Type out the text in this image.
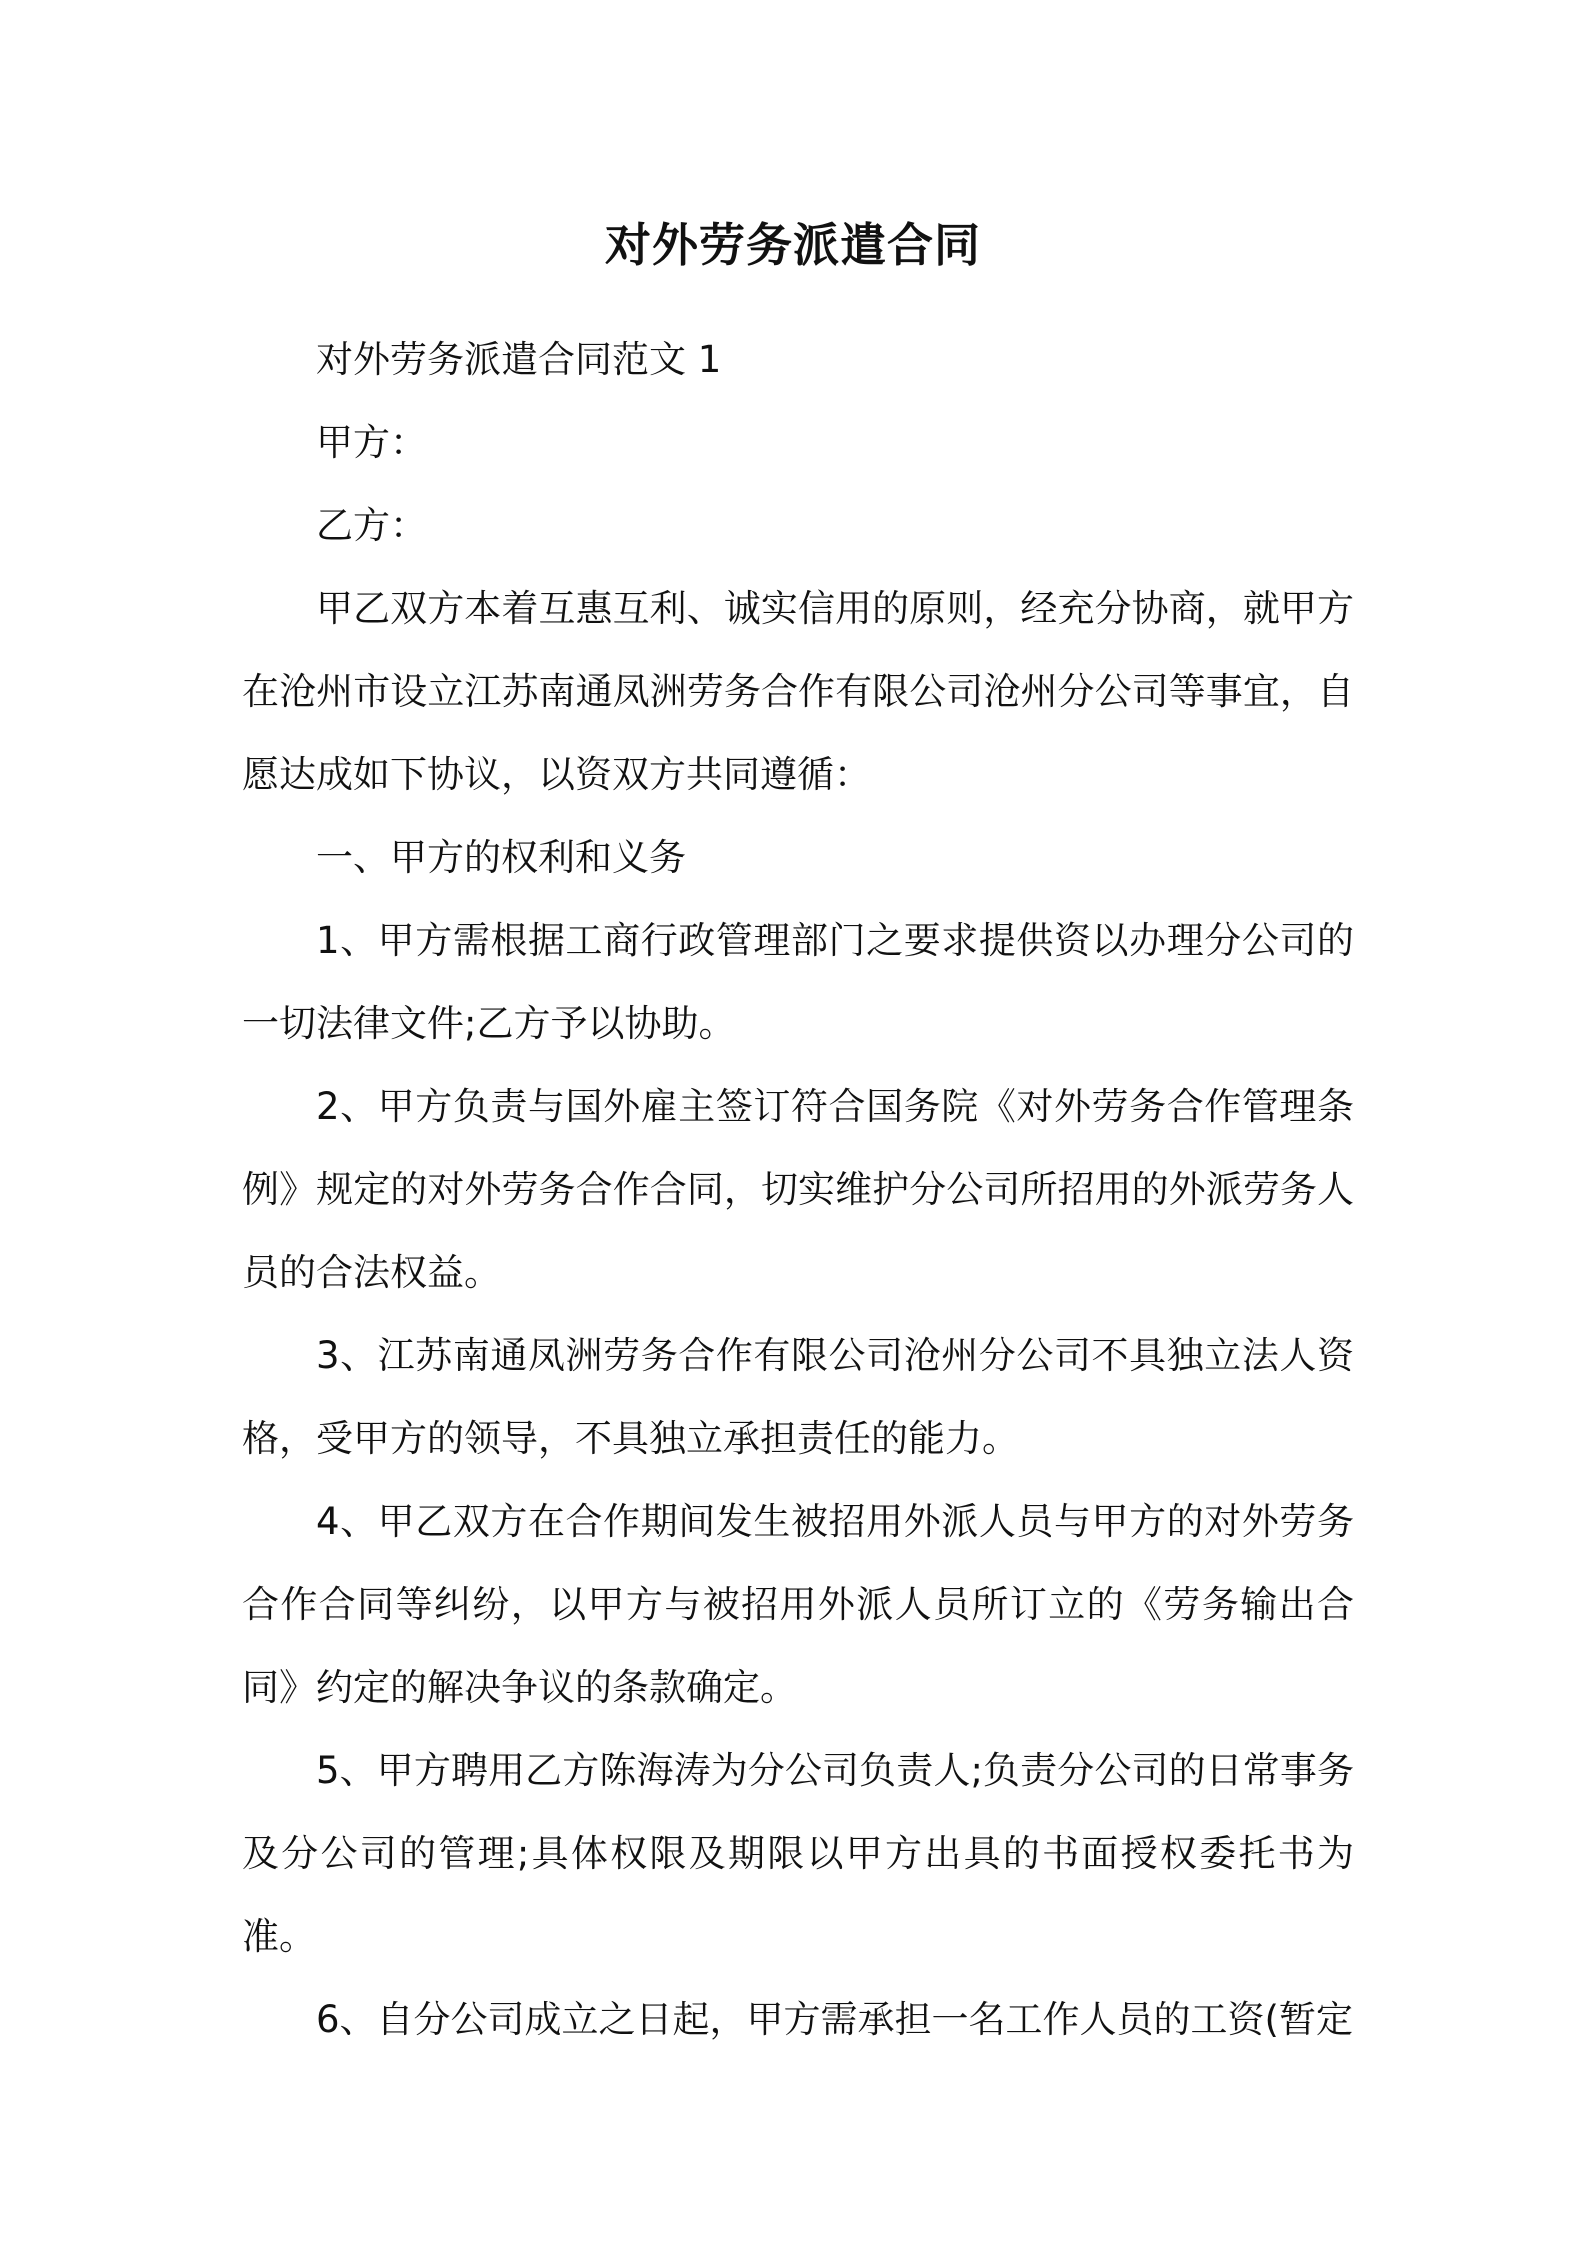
对外劳务派遣合同

对外劳务派遣合同范文 1

甲方：

乙方：

甲乙双方本着互惠互利、诚实信用的原则，经充分协商，就甲方在沧州市设立江苏南通凤洲劳务合作有限公司沧州分公司等事宜，自愿达成如下协议，以资双方共同遵循：

一、甲方的权利和义务

1、甲方需根据工商行政管理部门之要求提供资以办理分公司的一切法律文件;乙方予以协助。

2、甲方负责与国外雇主签订符合国务院《对外劳务合作管理条例》规定的对外劳务合作合同，切实维护分公司所招用的外派劳务人员的合法权益。

3、江苏南通凤洲劳务合作有限公司沧州分公司不具独立法人资格，受甲方的领导，不具独立承担责任的能力。

4、甲乙双方在合作期间发生被招用外派人员与甲方的对外劳务合作合同等纠纷，以甲方与被招用外派人员所订立的《劳务输出合同》约定的解决争议的条款确定。

5、甲方聘用乙方陈海涛为分公司负责人;负责分公司的日常事务及分公司的管理;具体权限及期限以甲方出具的书面授权委托书为准。

6、自分公司成立之日起，甲方需承担一名工作人员的工资(暂定
